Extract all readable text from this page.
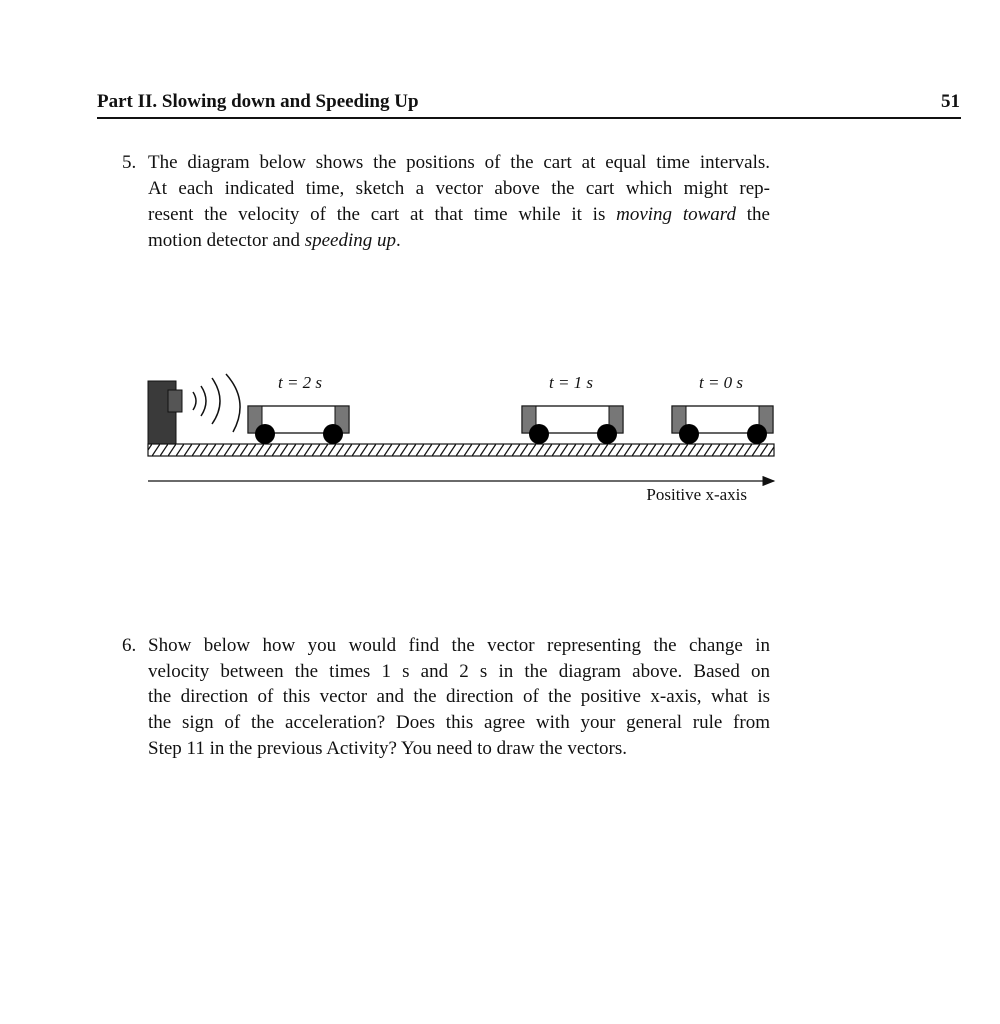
Part II. Slowing down and Speeding Up	51
5. The diagram below shows the positions of the cart at equal time intervals.
At each indicated time, sketch a vector above the cart which might rep-
resent the velocity of the cart at that time while it is moving toward the
motion detector and speeding up.
t = 2 s	t = 1 s	t = 0 s
Positive x-axis
6. Show below how you would find the vector representing the change in
velocity between the times 1 s and 2 s in the diagram above. Based on
the direction of this vector and the direction of the positive x-axis, what is
the sign of the acceleration? Does this agree with your general rule from
Step 11 in the previous Activity? You need to draw the vectors.
